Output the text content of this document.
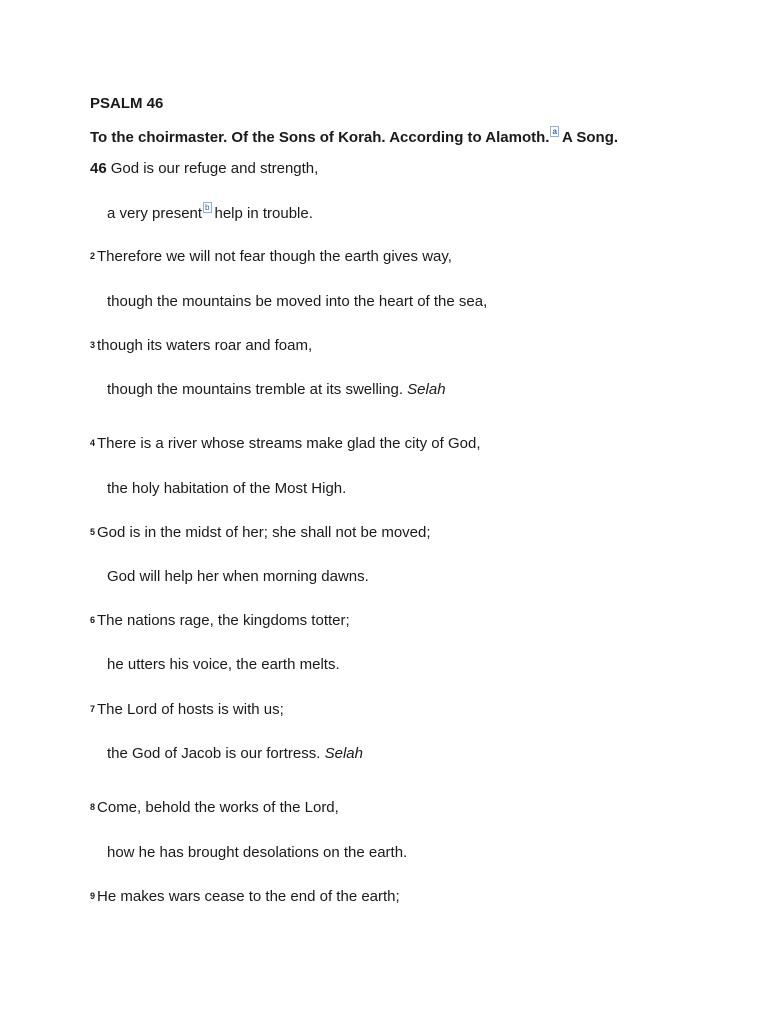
PSALM 46
To the choirmaster. Of the Sons of Korah. According to Alamoth. $^a$ A Song.
46 God is our refuge and strength,
a very present $^b$ help in trouble.
$^2$ Therefore we will not fear though the earth gives way,
though the mountains be moved into the heart of the sea,
$^3$ though its waters roar and foam,
though the mountains tremble at its swelling. Selah
$^4$ There is a river whose streams make glad the city of God,
the holy habitation of the Most High.
$^5$ God is in the midst of her; she shall not be moved;
God will help her when morning dawns.
$^6$ The nations rage, the kingdoms totter;
he utters his voice, the earth melts.
$^7$ The Lord of hosts is with us;
the God of Jacob is our fortress. Selah
$^8$ Come, behold the works of the Lord,
how he has brought desolations on the earth.
$^9$ He makes wars cease to the end of the earth;
